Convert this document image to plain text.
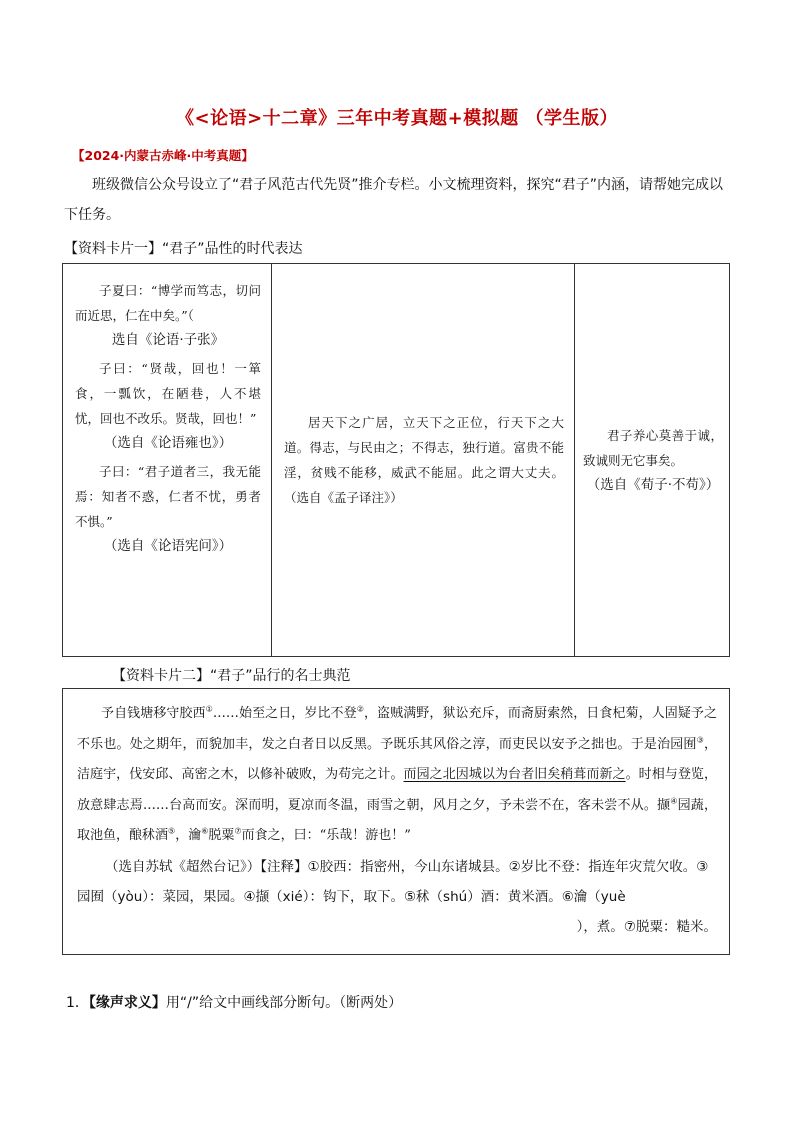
《<论语>十二章》三年中考真题+模拟题 （学生版）
【2024·内蒙古赤峰·中考真题】

班级微信公众号设立了“君子风范古代先贤”推介专栏。小文梳理资料，探究“君子”内涵，请帮她完成以下任务。

【资料卡片一】“君子”品性的时代表达

子夏曰：“博学而笃志，切问而近思，仁在中矣。”（

选自《论语·子张》

子曰：“贤哉，回也！一箪食，一瓢饮，在陋巷，人不堪忧，回也不改乐。贤哉，回也！”

（选自《论语雍也》）

子曰：“君子道者三，我无能焉：知者不惑，仁者不忧，勇者不惧。”

（选自《论语宪问》）

居天下之广居，立天下之正位，行天下之大道。得志，与民由之；不得志，独行道。富贵不能淫，贫贱不能移，威武不能屈。此之谓大丈夫。（选自《孟子译注》）

君子养心莫善于诚，致诚则无它事矣。

（选自《荀子·不苟》）

【资料卡片二】“君子”品行的名士典范

予自钱塘移守胶西①……始至之日，岁比不登②，盗贼满野，狱讼充斥，而斋厨索然，日食杞菊，人固疑予之不乐也。处之期年，而貌加丰，发之白者日以反黑。予既乐其风俗之淳，而吏民以安予之拙也。于是治园囿③，洁庭宇，伐安邱、高密之木，以修补破败，为苟完之计。而园之北因城以为台者旧矣稍葺而新之。时相与登览，放意肆志焉……台高而安。深而明，夏凉而冬温，雨雪之朝，风月之夕，予未尝不在，客未尝不从。撷④园蔬，取池鱼，酿秫酒⑤，瀹⑥脱粟⑦而食之，曰：“乐哉！游也！”

（选自苏轼《超然台记》）【注释】①胶西：指密州，今山东诸城县。②岁比不登：指连年灾荒欠收。③园囿（yòu）：菜园，果园。④撷（xié）：钩下，取下。⑤秫（shú）酒：黄米酒。⑥瀹（yuè

），煮。⑦脱粟：糙米。

1．【缘声求义】用“/”给文中画线部分断句。（断两处）
